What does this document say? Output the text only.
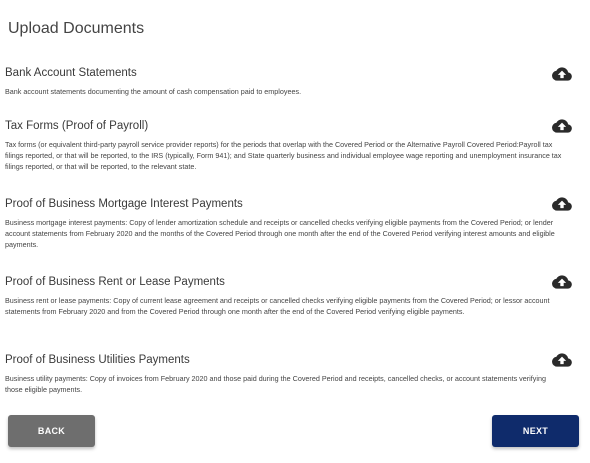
Upload Documents

Bank Account Statements

Bank account statements documenting the amount of cash compensation paid to employees.

Tax Forms (Proof of Payroll)

Tax forms (or equivalent third-party payroll service provider reports) for the periods that overlap with the Covered Period or the Alternative Payroll Covered Period:Payroll tax filings reported, or that will be reported, to the IRS (typically, Form 941); and State quarterly business and individual employee wage reporting and unemployment insurance tax filings reported, or that will be reported, to the relevant state.

Proof of Business Mortgage Interest Payments

Business mortgage interest payments: Copy of lender amortization schedule and receipts or cancelled checks verifying eligible payments from the Covered Period; or lender account statements from February 2020 and the months of the Covered Period through one month after the end of the Covered Period verifying interest amounts and eligible payments.

Proof of Business Rent or Lease Payments

Business rent or lease payments: Copy of current lease agreement and receipts or cancelled checks verifying eligible payments from the Covered Period; or lessor account statements from February 2020 and from the Covered Period through one month after the end of the Covered Period verifying eligible payments.

Proof of Business Utilities Payments

Business utility payments: Copy of invoices from February 2020 and those paid during the Covered Period and receipts, cancelled checks, or account statements verifying those eligible payments.

BACK	NEXT
